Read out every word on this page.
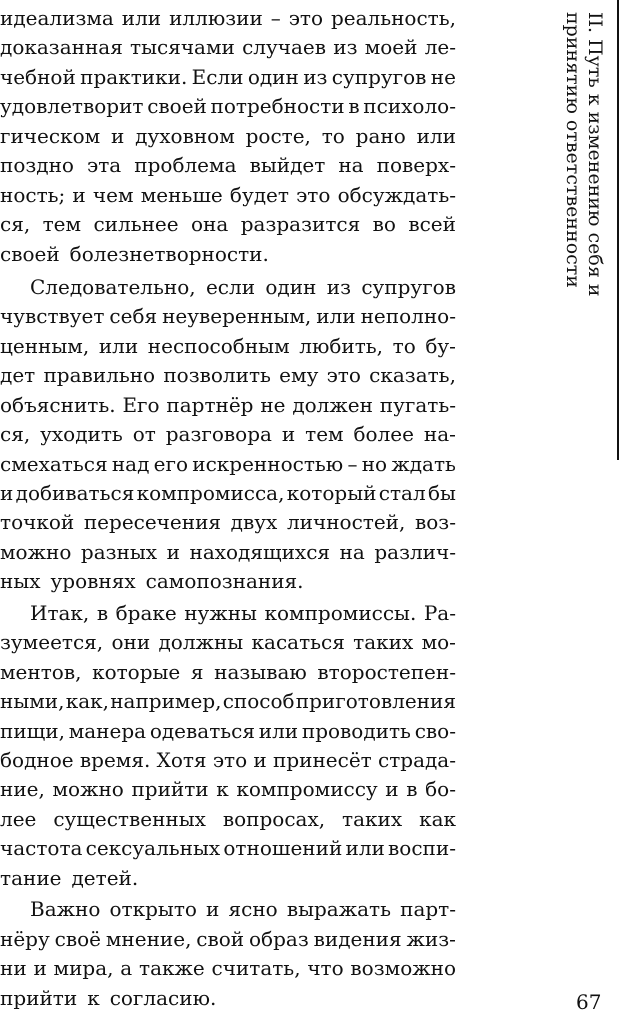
идеализма или иллюзии – это реальность,
доказанная тысячами случаев из моей ле-
чебной практики. Если один из супругов не
удовлетворит своей потребности в психоло-
гическом и духовном росте, то рано или
поздно эта проблема выйдет на поверх-
ность; и чем меньше будет это обсуждать-
ся, тем сильнее она разразится во всей
своей болезнетворности.
Следовательно, если один из супругов
чувствует себя неуверенным, или неполно-
ценным, или неспособным любить, то бу-
дет правильно позволить ему это сказать,
объяснить. Его партнёр не должен пугать-
ся, уходить от разговора и тем более на-
смехаться над его искренностью – но ждать
и добиваться компромисса, который стал бы
точкой пересечения двух личностей, воз-
можно разных и находящихся на различ-
ных уровнях самопознания.
Итак, в браке нужны компромиссы. Ра-
зумеется, они должны касаться таких мо-
ментов, которые я называю второстепен-
ными, как, например, способ приготовления
пищи, манера одеваться или проводить сво-
бодное время. Хотя это и принесёт страда-
ние, можно прийти к компромиссу и в бо-
лее существенных вопросах, таких как
частота сексуальных отношений или воспи-
тание детей.
Важно открыто и ясно выражать парт-
нёру своё мнение, свой образ видения жиз-
ни и мира, а также считать, что возможно
прийти к согласию.
II. Путь к изменению себя и
принятию ответственности
67
